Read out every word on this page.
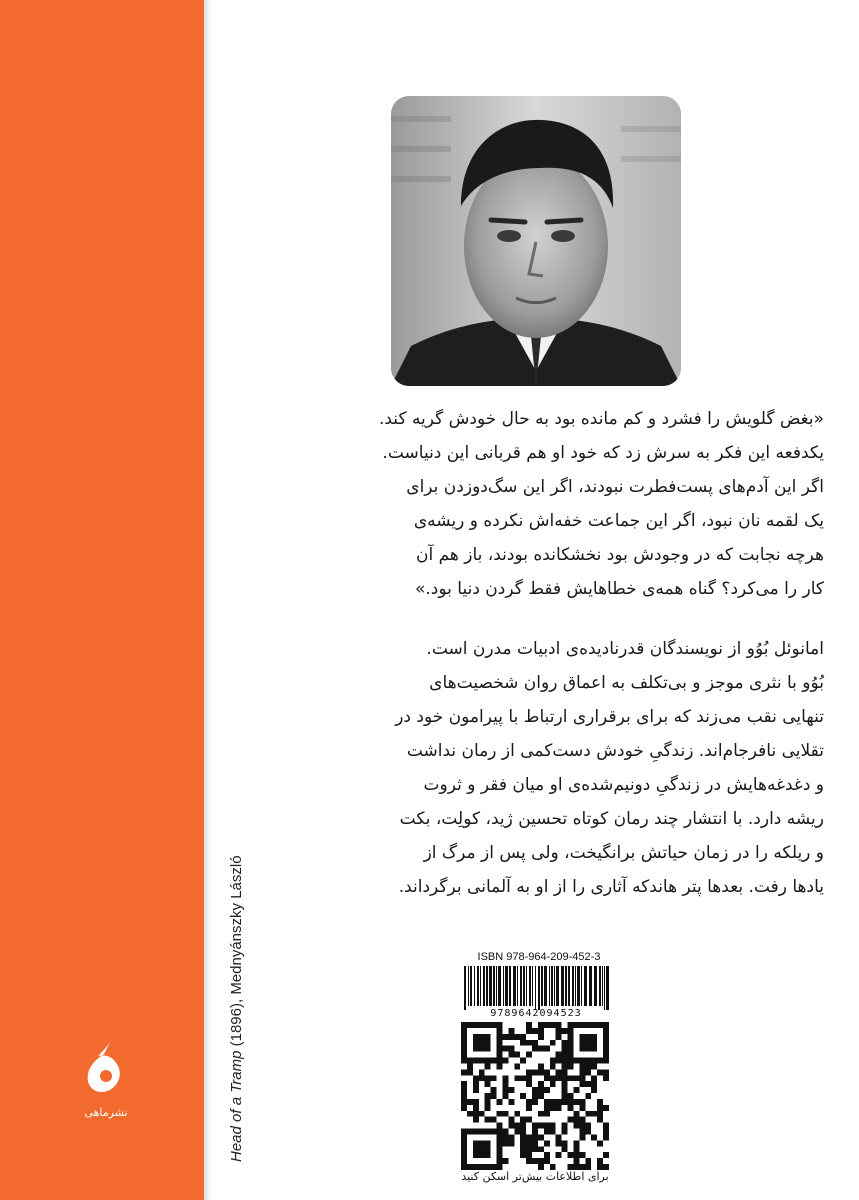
Head of a Tramp (1896), Mednyánszky László
نشرماهی

«بغض گلویش را فشرد و کم مانده بود به حال خودش گریه کند.

یکدفعه این فکر به سرش زد که خود او هم قربانی این دنیاست.

اگر این آدم‌های پست‌فطرت نبودند، اگر این سگ‌دوزدن برای

یک لقمه نان نبود، اگر این جماعت خفه‌اش نکرده و ریشه‌ی

هرچه نجابت که در وجودش بود نخشکانده بودند، باز هم آن

کار را می‌کرد؟ گناه همه‌ی خطاهایش فقط گردن دنیا بود.»

امانوئل بُوُو از نویسندگان قدرنادیده‌ی ادبیات مدرن است.

بُوُو با نثری موجز و بی‌تکلف به اعماق روان شخصیت‌های

تنهایی نقب می‌زند که برای برقراری ارتباط با پیرامون خود در

تقلایی نافرجام‌اند. زندگیِ خودش دست‌کمی از رمان نداشت

و دغدغه‌هایش در زندگیِ دونیم‌شده‌ی او میان فقر و ثروت

ریشه دارد. با انتشار چند رمان کوتاه تحسین ژید، کولِت، بکت

و ریلکه را در زمان حیاتش برانگیخت، ولی پس از مرگ از

یادها رفت. بعدها پتر هاندکه آثاری را از او به آلمانی برگرداند.

ISBN 978-964-209-452-3
9789642094523
برای اطلاعات بیش‌تر اسکن کنید
